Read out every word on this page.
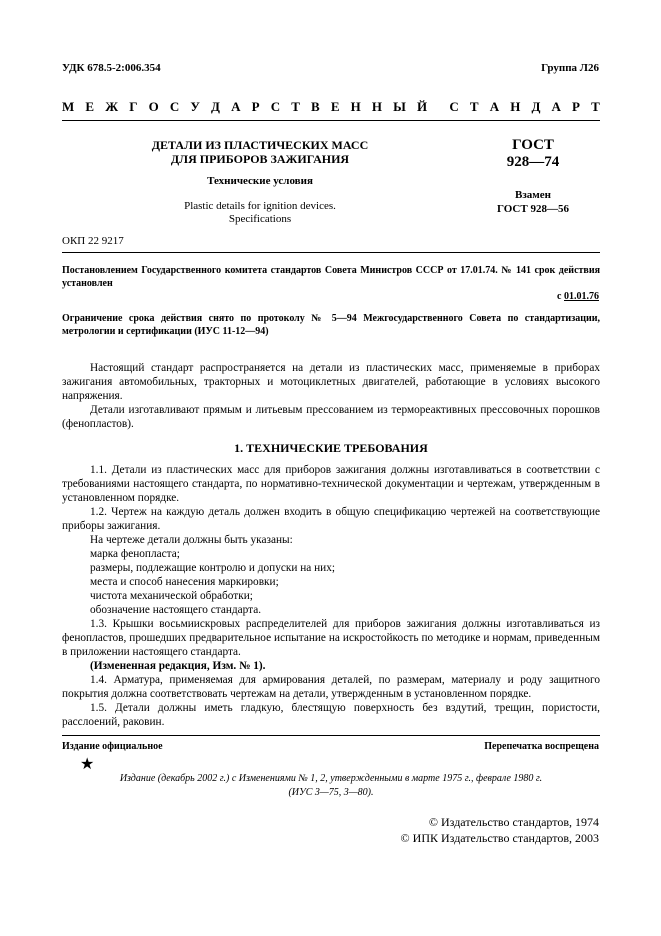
УДК 678.5-2:006.354	Группа Л26
М Е Ж Г О С У Д А Р С Т В Е Н Н Ы Й С Т А Н Д А Р Т
ДЕТАЛИ ИЗ ПЛАСТИЧЕСКИХ МАСС
ДЛЯ ПРИБОРОВ ЗАЖИГАНИЯ
Технические условия
Plastic details for ignition devices.
Specifications
ГОСТ
928—74
Взамен
ГОСТ 928—56
ОКП 22 9217
Постановлением Государственного комитета стандартов Совета Министров СССР от 17.01.74. № 141 срок действия установлен
с 01.01.76
Ограничение срока действия снято по протоколу № 5—94 Межгосударственного Совета по стандартизации, метрологии и сертификации (ИУС 11-12—94)

Настоящий стандарт распространяется на детали из пластических масс, применяемые в приборах зажигания автомобильных, тракторных и мотоциклетных двигателей, работающие в условиях высокого напряжения.

Детали изготавливают прямым и литьевым прессованием из термореактивных прессовочных порошков (фенопластов).

1. ТЕХНИЧЕСКИЕ ТРЕБОВАНИЯ

1.1. Детали из пластических масс для приборов зажигания должны изготавливаться в соответствии с требованиями настоящего стандарта, по нормативно-технической документации и чертежам, утвержденным в установленном порядке.

1.2. Чертеж на каждую деталь должен входить в общую спецификацию чертежей на соответствующие приборы зажигания.

На чертеже детали должны быть указаны:

марка фенопласта;

размеры, подлежащие контролю и допуски на них;

места и способ нанесения маркировки;

чистота механической обработки;

обозначение настоящего стандарта.

1.3. Крышки восьмиискровых распределителей для приборов зажигания должны изготавливаться из фенопластов, прошедших предварительное испытание на искростойкость по методике и нормам, приведенным в приложении настоящего стандарта.

(Измененная редакция, Изм. № 1).

1.4. Арматура, применяемая для армирования деталей, по размерам, материалу и роду защитного покрытия должна соответствовать чертежам на детали, утвержденным в установленном порядке.

1.5. Детали должны иметь гладкую, блестящую поверхность без вздутий, трещин, пористости, расслоений, раковин.

Издание официальное	Перепечатка воспрещена
★
Издание (декабрь 2002 г.) с Изменениями № 1, 2, утвержденными в марте 1975 г., феврале 1980 г.
(ИУС 3—75, 3—80).
© Издательство стандартов, 1974
© ИПК Издательство стандартов, 2003
